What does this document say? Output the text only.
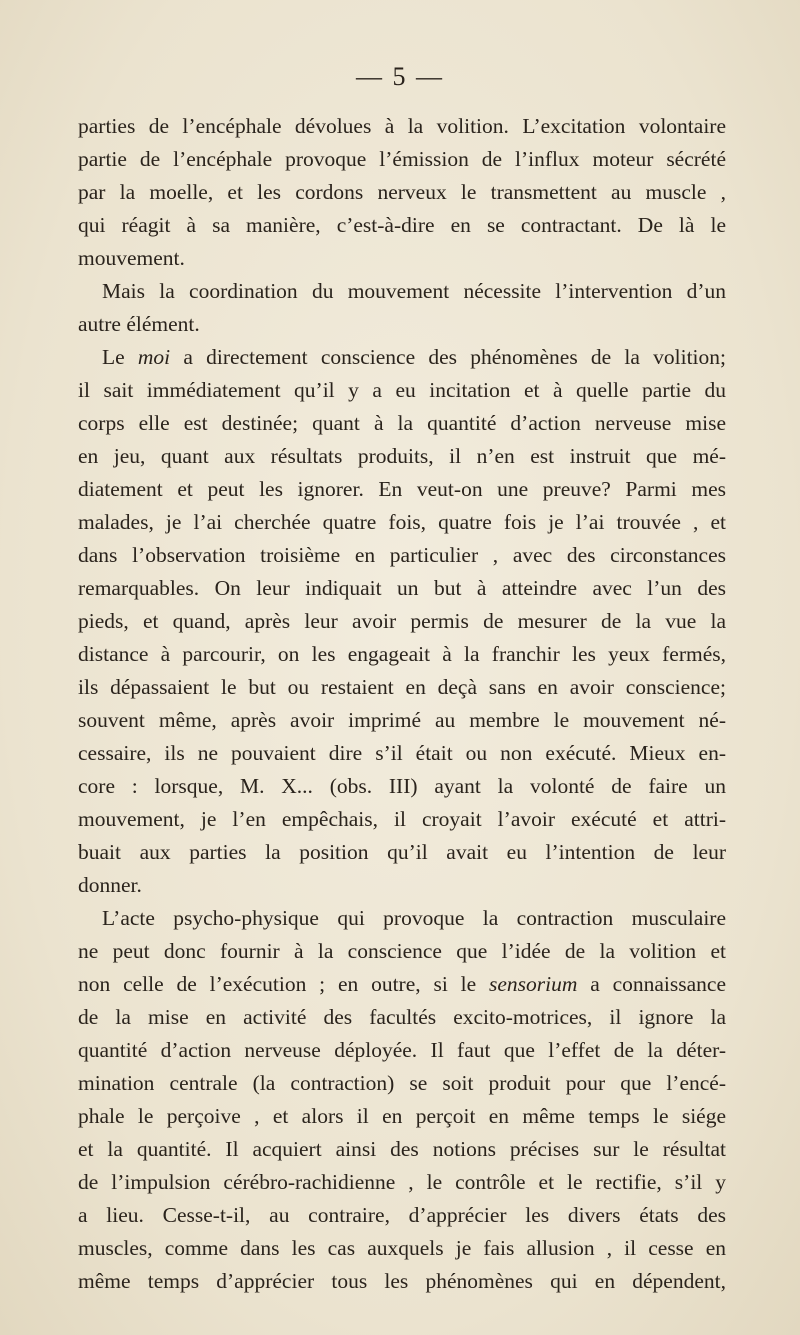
— 5 —
parties de l’encéphale dévolues à la volition. L’excitation volontaire
partie de l’encéphale provoque l’émission de l’influx moteur sécrété
par la moelle, et les cordons nerveux le transmettent au muscle ,
qui réagit à sa manière, c’est-à-dire en se contractant. De là le
mouvement.
Mais la coordination du mouvement nécessite l’intervention d’un
autre élément.
Le moi a directement conscience des phénomènes de la volition;
il sait immédiatement qu’il y a eu incitation et à quelle partie du
corps elle est destinée; quant à la quantité d’action nerveuse mise
en jeu, quant aux résultats produits, il n’en est instruit que mé-
diatement et peut les ignorer. En veut-on une preuve? Parmi mes
malades, je l’ai cherchée quatre fois, quatre fois je l’ai trouvée , et
dans l’observation troisième en particulier , avec des circonstances
remarquables. On leur indiquait un but à atteindre avec l’un des
pieds, et quand, après leur avoir permis de mesurer de la vue la
distance à parcourir, on les engageait à la franchir les yeux fermés,
ils dépassaient le but ou restaient en deçà sans en avoir conscience;
souvent même, après avoir imprimé au membre le mouvement né-
cessaire, ils ne pouvaient dire s’il était ou non exécuté. Mieux en-
core : lorsque, M. X... (obs. III) ayant la volonté de faire un
mouvement, je l’en empêchais, il croyait l’avoir exécuté et attri-
buait aux parties la position qu’il avait eu l’intention de leur
donner.
L’acte psycho-physique qui provoque la contraction musculaire
ne peut donc fournir à la conscience que l’idée de la volition et
non celle de l’exécution ; en outre, si le sensorium a connaissance
de la mise en activité des facultés excito-motrices, il ignore la
quantité d’action nerveuse déployée. Il faut que l’effet de la déter-
mination centrale (la contraction) se soit produit pour que l’encé-
phale le perçoive , et alors il en perçoit en même temps le siége
et la quantité. Il acquiert ainsi des notions précises sur le résultat
de l’impulsion cérébro-rachidienne , le contrôle et le rectifie, s’il y
a lieu. Cesse-t-il, au contraire, d’apprécier les divers états des
muscles, comme dans les cas auxquels je fais allusion , il cesse en
même temps d’apprécier tous les phénomènes qui en dépendent,
